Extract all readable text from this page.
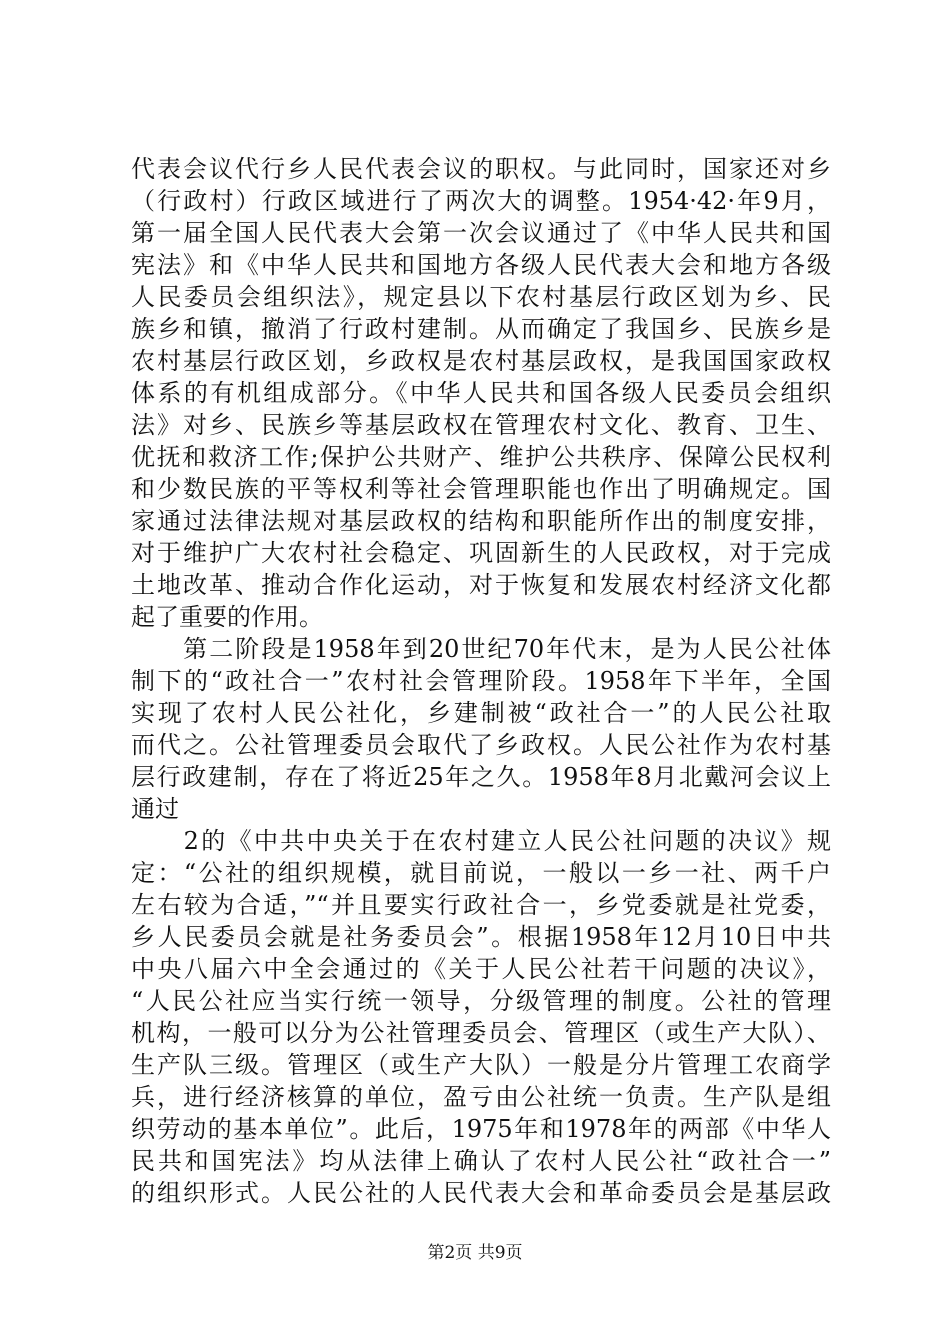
代表会议代行乡人民代表会议的职权。与此同时，国家还对乡
（行政村）行政区域进行了两次大的调整。1954·42·年9月，
第一届全国人民代表大会第一次会议通过了《中华人民共和国
宪法》和《中华人民共和国地方各级人民代表大会和地方各级
人民委员会组织法》，规定县以下农村基层行政区划为乡、民
族乡和镇，撤消了行政村建制。从而确定了我国乡、民族乡是
农村基层行政区划，乡政权是农村基层政权，是我国国家政权
体系的有机组成部分。《中华人民共和国各级人民委员会组织
法》对乡、民族乡等基层政权在管理农村文化、教育、卫生、
优抚和救济工作;保护公共财产、维护公共秩序、保障公民权利
和少数民族的平等权利等社会管理职能也作出了明确规定。国
家通过法律法规对基层政权的结构和职能所作出的制度安排，
对于维护广大农村社会稳定、巩固新生的人民政权，对于完成
土地改革、推动合作化运动，对于恢复和发展农村经济文化都
起了重要的作用。
　　第二阶段是1958年到20世纪70年代末，是为人民公社体
制下的“政社合一”农村社会管理阶段。1958年下半年，全国
实现了农村人民公社化，乡建制被“政社合一”的人民公社取
而代之。公社管理委员会取代了乡政权。人民公社作为农村基
层行政建制，存在了将近25年之久。1958年8月北戴河会议上
通过
　　2的《中共中央关于在农村建立人民公社问题的决议》规
定：“公社的组织规模，就目前说，一般以一乡一社、两千户
左右较为合适，”“并且要实行政社合一，乡党委就是社党委，
乡人民委员会就是社务委员会”。根据1958年12月10日中共
中央八届六中全会通过的《关于人民公社若干问题的决议》，
“人民公社应当实行统一领导，分级管理的制度。公社的管理
机构，一般可以分为公社管理委员会、管理区（或生产大队）、
生产队三级。管理区（或生产大队）一般是分片管理工农商学
兵，进行经济核算的单位，盈亏由公社统一负责。生产队是组
织劳动的基本单位”。此后，1975年和1978年的两部《中华人
民共和国宪法》均从法律上确认了农村人民公社“政社合一”
的组织形式。人民公社的人民代表大会和革命委员会是基层政
第2页 共9页
